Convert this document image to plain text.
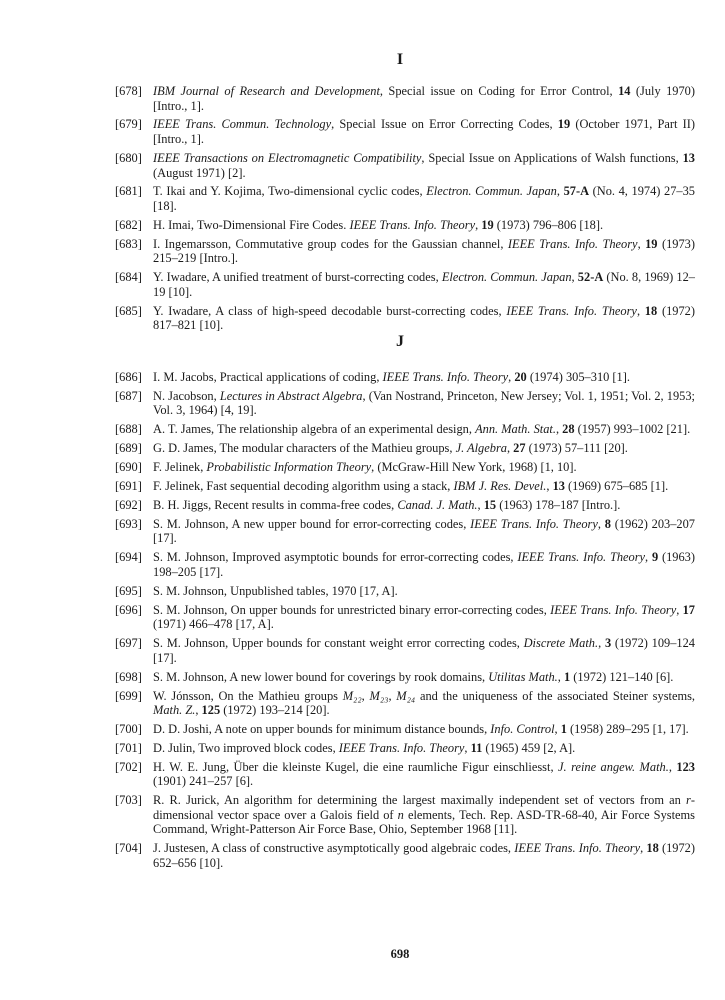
I
[678] IBM Journal of Research and Development, Special issue on Coding for Error Control, 14 (July 1970) [Intro., 1].
[679] IEEE Trans. Commun. Technology, Special Issue on Error Correcting Codes, 19 (October 1971, Part II) [Intro., 1].
[680] IEEE Transactions on Electromagnetic Compatibility, Special Issue on Applications of Walsh functions, 13 (August 1971) [2].
[681] T. Ikai and Y. Kojima, Two-dimensional cyclic codes, Electron. Commun. Japan, 57-A (No. 4, 1974) 27–35 [18].
[682] H. Imai, Two-Dimensional Fire Codes. IEEE Trans. Info. Theory, 19 (1973) 796–806 [18].
[683] I. Ingemarsson, Commutative group codes for the Gaussian channel, IEEE Trans. Info. Theory, 19 (1973) 215–219 [Intro.].
[684] Y. Iwadare, A unified treatment of burst-correcting codes, Electron. Commun. Japan, 52-A (No. 8, 1969) 12–19 [10].
[685] Y. Iwadare, A class of high-speed decodable burst-correcting codes, IEEE Trans. Info. Theory, 18 (1972) 817–821 [10].
J
[686] I. M. Jacobs, Practical applications of coding, IEEE Trans. Info. Theory, 20 (1974) 305–310 [1].
[687] N. Jacobson, Lectures in Abstract Algebra, (Van Nostrand, Princeton, New Jersey; Vol. 1, 1951; Vol. 2, 1953; Vol. 3, 1964) [4, 19].
[688] A. T. James, The relationship algebra of an experimental design, Ann. Math. Stat., 28 (1957) 993–1002 [21].
[689] G. D. James, The modular characters of the Mathieu groups, J. Algebra, 27 (1973) 57–111 [20].
[690] F. Jelinek, Probabilistic Information Theory, (McGraw-Hill New York, 1968) [1, 10].
[691] F. Jelinek, Fast sequential decoding algorithm using a stack, IBM J. Res. Devel., 13 (1969) 675–685 [1].
[692] B. H. Jiggs, Recent results in comma-free codes, Canad. J. Math., 15 (1963) 178–187 [Intro.].
[693] S. M. Johnson, A new upper bound for error-correcting codes, IEEE Trans. Info. Theory, 8 (1962) 203–207 [17].
[694] S. M. Johnson, Improved asymptotic bounds for error-correcting codes, IEEE Trans. Info. Theory, 9 (1963) 198–205 [17].
[695] S. M. Johnson, Unpublished tables, 1970 [17, A].
[696] S. M. Johnson, On upper bounds for unrestricted binary error-correcting codes, IEEE Trans. Info. Theory, 17 (1971) 466–478 [17, A].
[697] S. M. Johnson, Upper bounds for constant weight error correcting codes, Discrete Math., 3 (1972) 109–124 [17].
[698] S. M. Johnson, A new lower bound for coverings by rook domains, Utilitas Math., 1 (1972) 121–140 [6].
[699] W. Jónsson, On the Mathieu groups M₂₂, M₂₃, M₂₄ and the uniqueness of the associated Steiner systems, Math. Z., 125 (1972) 193–214 [20].
[700] D. D. Joshi, A note on upper bounds for minimum distance bounds, Info. Control, 1 (1958) 289–295 [1, 17].
[701] D. Julin, Two improved block codes, IEEE Trans. Info. Theory, 11 (1965) 459 [2, A].
[702] H. W. E. Jung, Über die kleinste Kugel, die eine raumliche Figur einschliesst, J. reine angew. Math., 123 (1901) 241–257 [6].
[703] R. R. Jurick, An algorithm for determining the largest maximally independent set of vectors from an r-dimensional vector space over a Galois field of n elements, Tech. Rep. ASD-TR-68-40, Air Force Systems Command, Wright-Patterson Air Force Base, Ohio, September 1968 [11].
[704] J. Justesen, A class of constructive asymptotically good algebraic codes, IEEE Trans. Info. Theory, 18 (1972) 652–656 [10].
698
